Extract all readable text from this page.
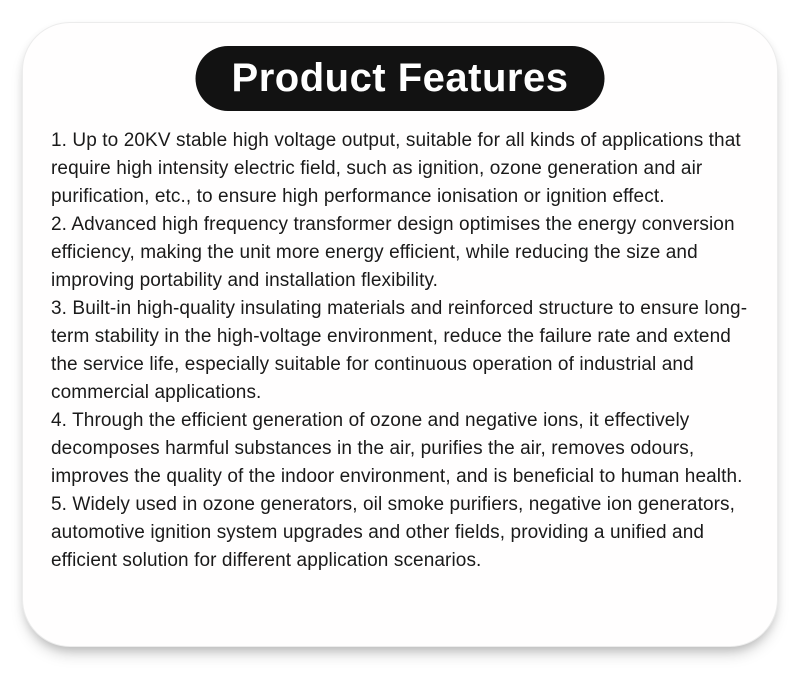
Product Features

1. Up to 20KV stable high voltage output, suitable for all kinds of applications that require high intensity electric field, such as ignition, ozone generation and air purification, etc., to ensure high performance ionisation or ignition effect.

2. Advanced high frequency transformer design optimises the energy conversion efficiency, making the unit more energy efficient, while reducing the size and improving portability and installation flexibility.

3. Built-in high-quality insulating materials and reinforced structure to ensure long-term stability in the high-voltage environment, reduce the failure rate and extend the service life, especially suitable for continuous operation of industrial and commercial applications.

4. Through the efficient generation of ozone and negative ions, it effectively decomposes harmful substances in the air, purifies the air, removes odours, improves the quality of the indoor environment, and is beneficial to human health.

5. Widely used in ozone generators, oil smoke purifiers, negative ion generators, automotive ignition system upgrades and other fields, providing a unified and efficient solution for different application scenarios.
